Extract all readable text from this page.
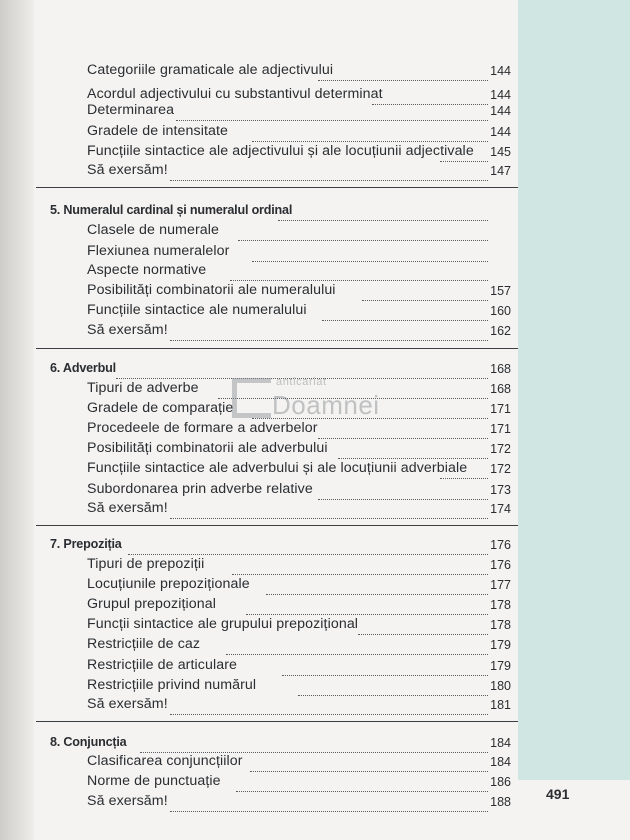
Categoriile gramaticale ale adjectivului	144
Acordul adjectivului cu substantivul determinat	144
Determinarea	144
Gradele de intensitate	144
Funcțiile sintactice ale adjectivului și ale locuțiunii adjectivale	145
Să exersăm!	147
5. Numeralul cardinal și numeralul ordinal
Clasele de numerale
Flexiunea numeralelor
Aspecte normative
Posibilități combinatorii ale numeralului	157
Funcțiile sintactice ale numeralului	160
Să exersăm!	162
6. Adverbul	168
Tipuri de adverbe	168
Gradele de comparație	171
Procedeele de formare a adverbelor	171
Posibilități combinatorii ale adverbului	172
Funcțiile sintactice ale adverbului și ale locuțiunii adverbiale	172
Subordonarea prin adverbe relative	173
Să exersăm!	174
7. Prepoziția	176
Tipuri de prepoziții	176
Locuțiunile prepoziționale	177
Grupul prepozițional	178
Funcții sintactice ale grupului prepozițional	178
Restricțiile de caz	179
Restricțiile de articulare	179
Restricțiile privind numărul	180
Să exersăm!	181
8. Conjuncția	184
Clasificarea conjuncțiilor	184
Norme de punctuație	186
Să exersăm!	188
anticariat
Doamnei
491
